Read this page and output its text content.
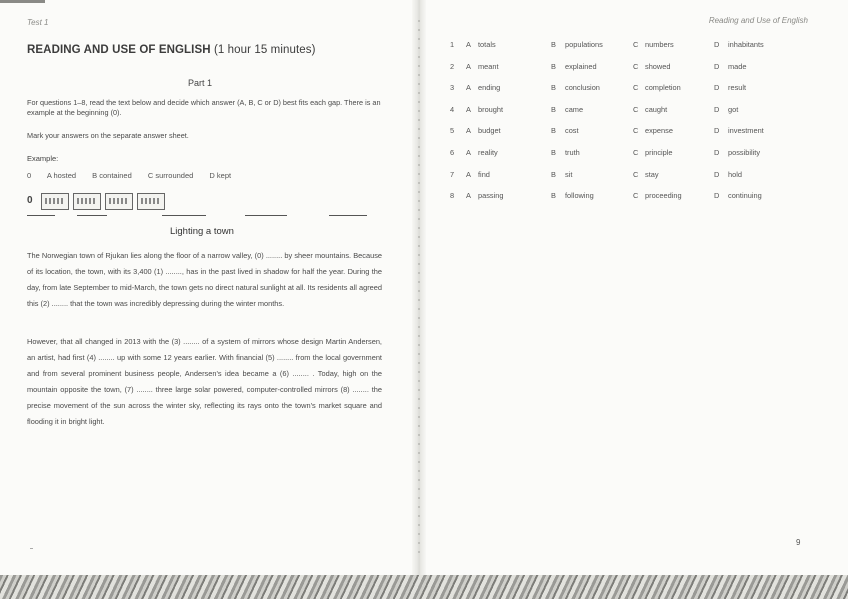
Test 1
READING AND USE OF ENGLISH (1 hour 15 minutes)
Part 1
For questions 1–8, read the text below and decide which answer (A, B, C or D) best fits each gap. There is an example at the beginning (0).
Mark your answers on the separate answer sheet.
Example:
0 A hosted B contained C surrounded D kept
0
Lighting a town
The Norwegian town of Rjukan lies along the floor of a narrow valley, (0) ........ by sheer mountains. Because of its location, the town, with its 3,400 (1) ........, has in the past lived in shadow for half the year. During the day, from late September to mid-March, the town gets no direct natural sunlight at all. Its residents all agreed this (2) ........ that the town was incredibly depressing during the winter months.
However, that all changed in 2013 with the (3) ........ of a system of mirrors whose design Martin Andersen, an artist, had first (4) ........ up with some 12 years earlier. With financial (5) ........ from the local government and from several prominent business people, Andersen's idea became a (6) ........ . Today, high on the mountain opposite the town, (7) ........ three large solar powered, computer-controlled mirrors (8) ........ the precise movement of the sun across the winter sky, reflecting its rays onto the town's market square and flooding it in bright light.
Reading and Use of English
9
1 A totals	B populations	C numbers	D inhabitants
2 A meant	B explained	C showed	D made
3 A ending	B conclusion	C completion	D result
4 A brought	B came	C caught	D got
5 A budget	B cost	C expense	D investment
6 A reality	B truth	C principle	D possibility
7 A find	B sit	C stay	D hold
8 A passing	B following	C proceeding	D continuing
